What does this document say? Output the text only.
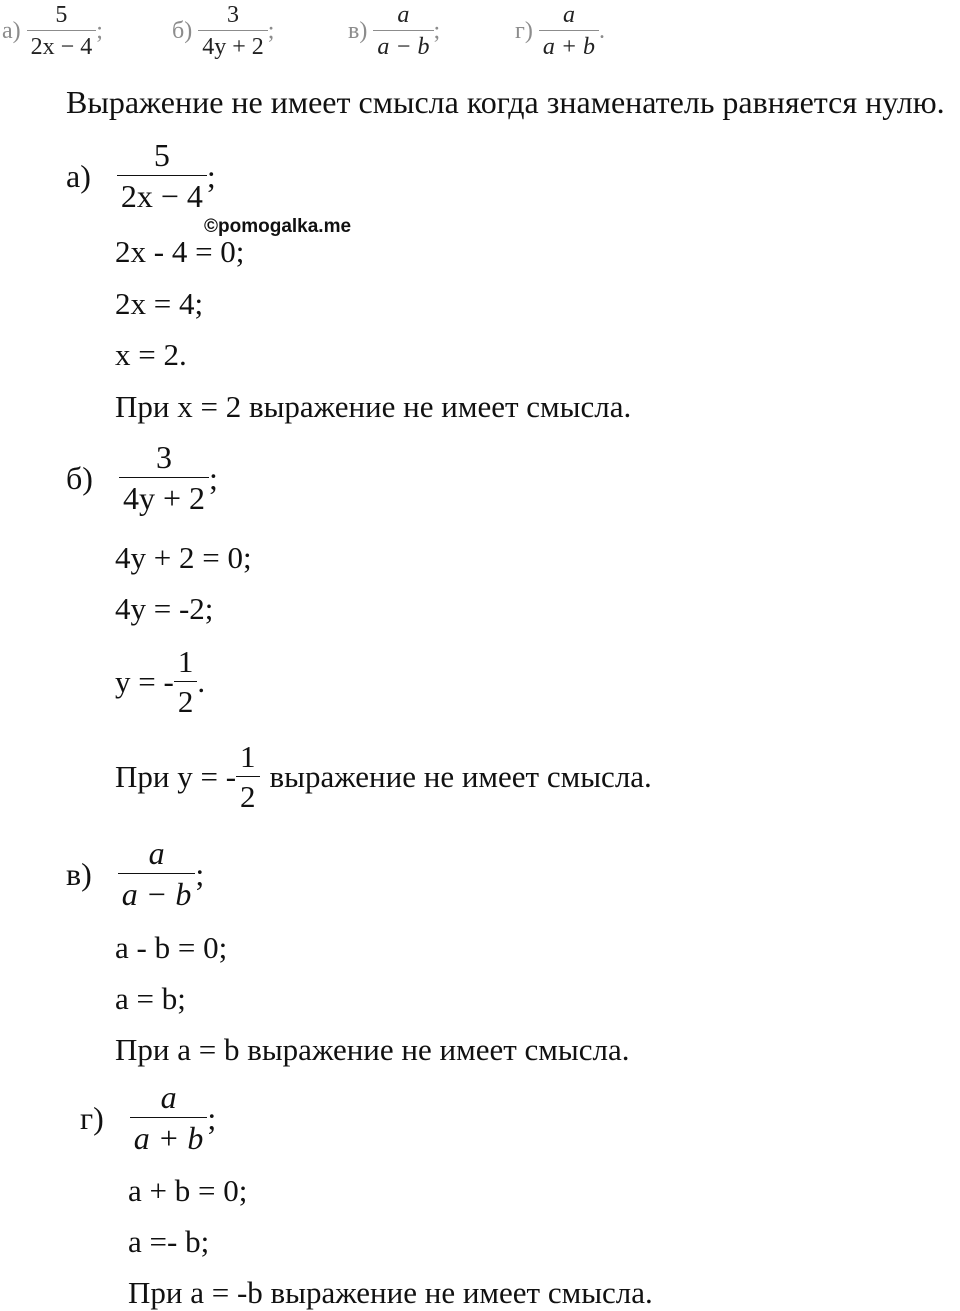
$а) \frac{5}{2x - 4}$ ;	$б) \frac{3}{4y + 2}$ ;	$в) \frac{a}{a - b}$ ;	$г) \frac{a}{a + b}$ .
Выражение не имеет смысла когда знаменатель равняется нулю.
$а) \frac{5}{2x - 4}$ ;
©pomogalka.me
2x - 4 = 0;
2x = 4;
x = 2.
При x = 2 выражение не имеет смысла.
$б) \frac{3}{4y + 2}$ ;
4y + 2 = 0;
4y = -2;
y = - $\frac{1}{2}$ .
При y = - $\frac{1}{2}$ выражение не имеет смысла.
$в) \frac{a}{a - b}$ ;
a - b = 0;
a = b;
При a = b выражение не имеет смысла.
$г) \frac{a}{a + b}$ ;
a + b = 0;
a =- b;
При a = -b выражение не имеет смысла.
